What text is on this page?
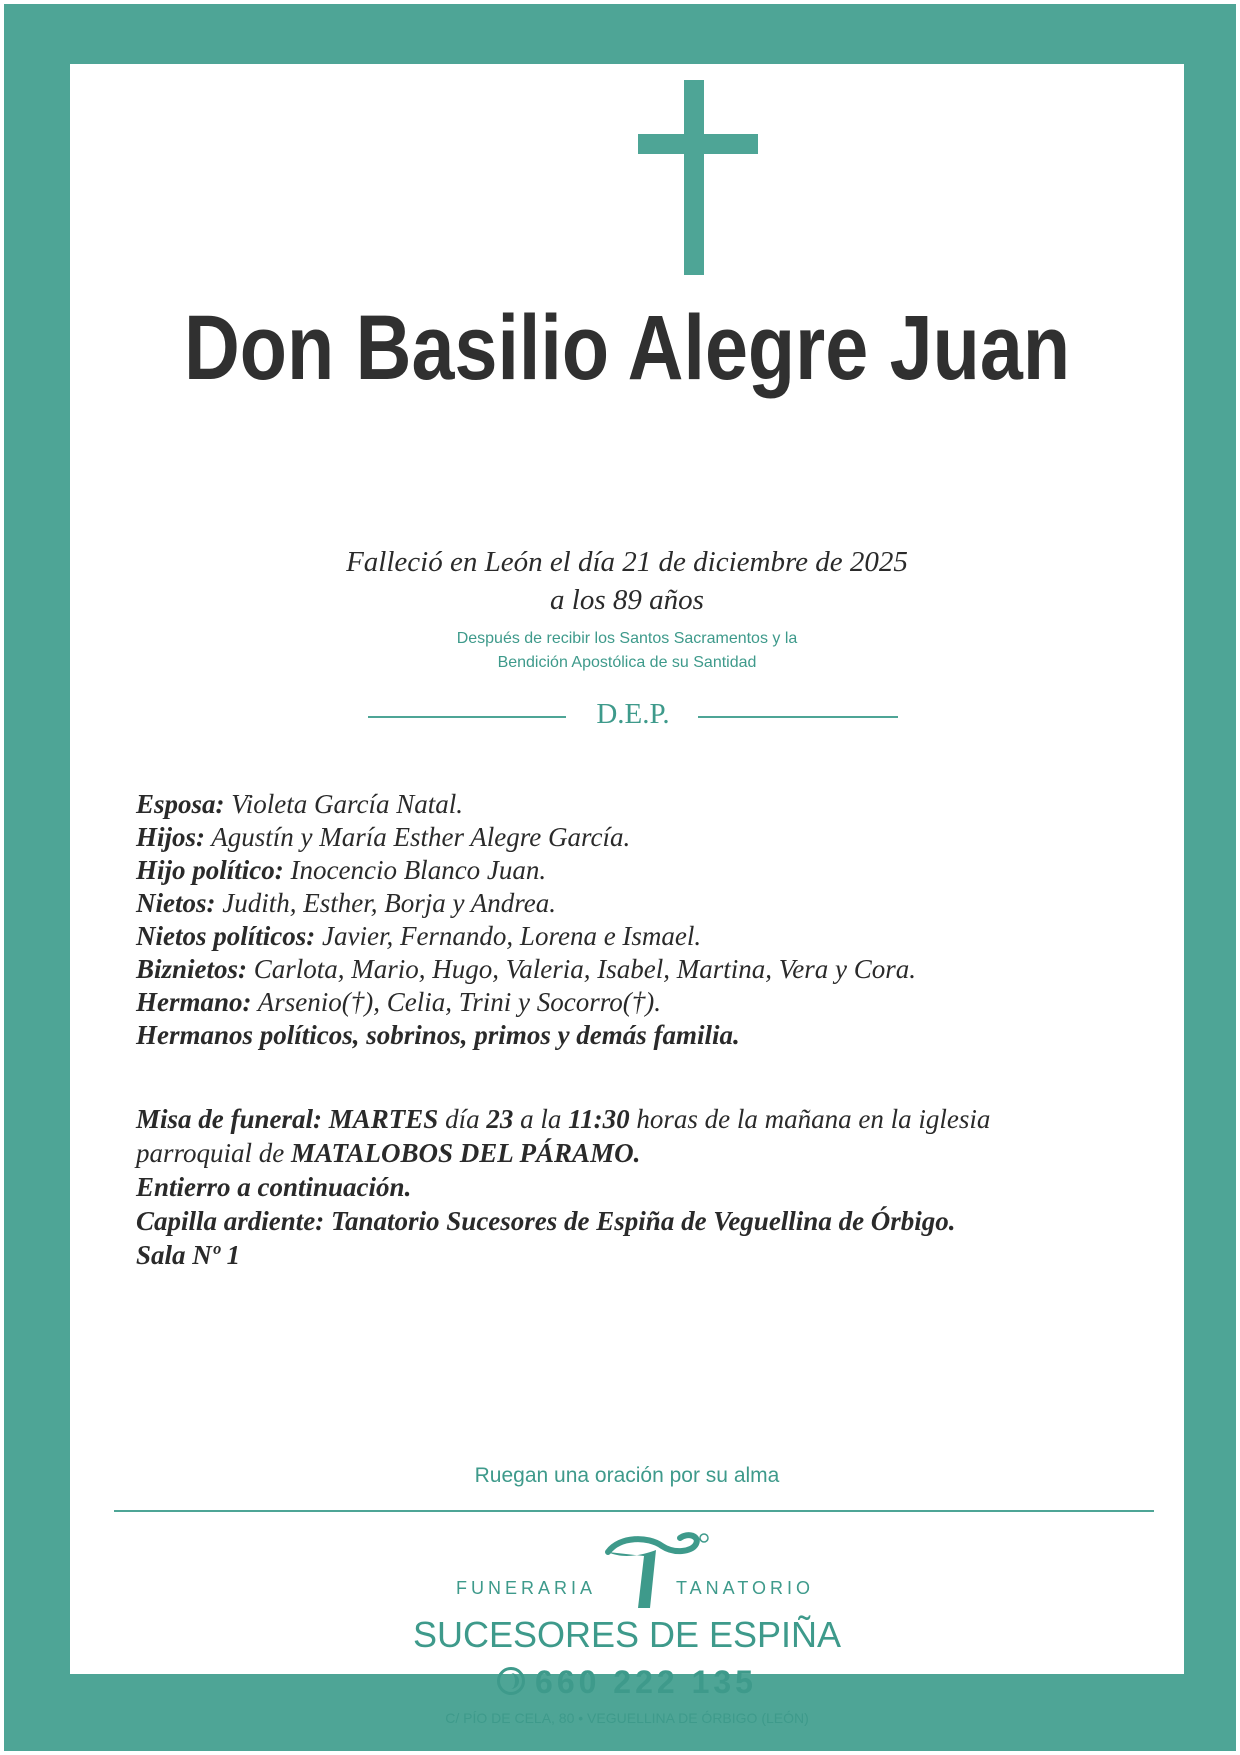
Don Basilio Alegre Juan
Falleció en León el día 21 de diciembre de 2025
a los 89 años
Después de recibir los Santos Sacramentos y la
Bendición Apostólica de su Santidad
D.E.P.
Esposa: Violeta García Natal.
Hijos: Agustín y María Esther Alegre García.
Hijo político: Inocencio Blanco Juan.
Nietos: Judith, Esther, Borja y Andrea.
Nietos políticos: Javier, Fernando, Lorena e Ismael.
Biznietos: Carlota, Mario, Hugo, Valeria, Isabel, Martina, Vera y Cora.
Hermano: Arsenio(†), Celia, Trini y Socorro(†).
Hermanos políticos, sobrinos, primos y demás familia.
Misa de funeral: MARTES día 23 a la 11:30 horas de la mañana en la iglesia
parroquial de MATALOBOS DEL PÁRAMO.
Entierro a continuación.
Capilla ardiente: Tanatorio Sucesores de Espiña de Veguellina de Órbigo.
Sala Nº 1
Ruegan una oración por su alma
FUNERARIA	TANATORIO
SUCESORES DE ESPIÑA
660 222 135
C/ PÍO DE CELA, 80 • VEGUELLINA DE ÓRBIGO (LEÓN)
